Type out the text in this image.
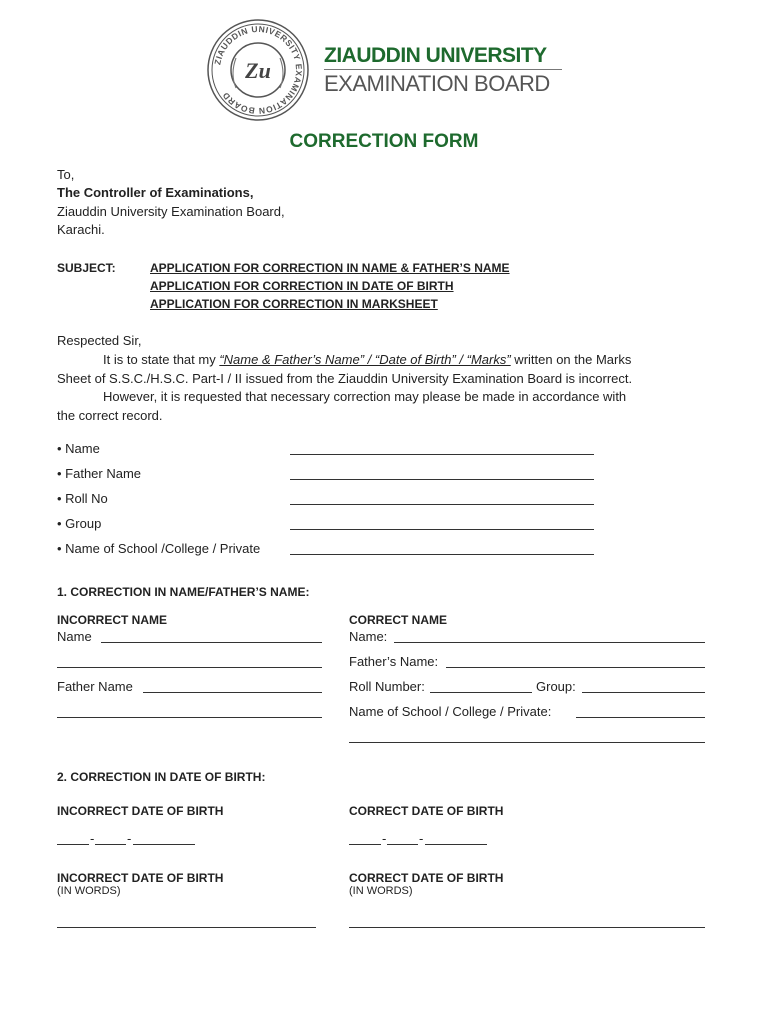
ZIAUDDIN UNIVERSITY EXAMINATION BOARD
Zu
ZIAUDDIN UNIVERSITY
EXAMINATION BOARD
CORRECTION FORM
To,
The Controller of Examinations,
Ziauddin University Examination Board,
Karachi.
SUBJECT:	APPLICATION FOR CORRECTION IN NAME & FATHER’S NAME
APPLICATION FOR CORRECTION IN DATE OF BIRTH
APPLICATION FOR CORRECTION IN MARKSHEET
Respected Sir,
It is to state that my “Name & Father’s Name” / “Date of Birth” / “Marks” written on the Marks
Sheet of S.S.C./H.S.C. Part-I / II issued from the Ziauddin University Examination Board is incorrect.
However, it is requested that necessary correction may please be made in accordance with
the correct record.
• Name
• Father Name
• Roll No
• Group
• Name of School /College / Private
1. CORRECTION IN NAME/FATHER’S NAME:
INCORRECT NAME
Name
Father Name
CORRECT NAME
Name:
Father’s Name:
Roll Number:	Group:
Name of School / College / Private:
2. CORRECTION IN DATE OF BIRTH:
INCORRECT DATE OF BIRTH
-	-
CORRECT DATE OF BIRTH
-	-
INCORRECT DATE OF BIRTH
(IN WORDS)
CORRECT DATE OF BIRTH
(IN WORDS)
